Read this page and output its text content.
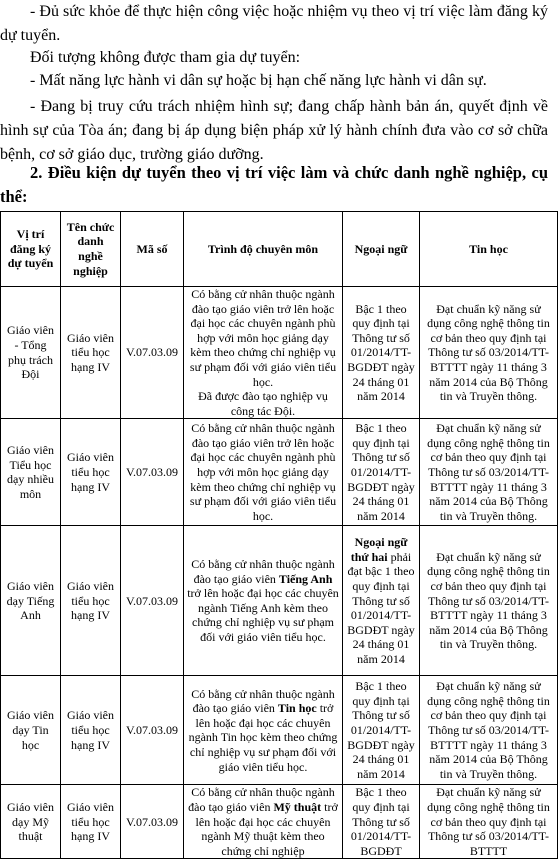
- Đủ sức khỏe để thực hiện công việc hoặc nhiệm vụ theo vị trí việc làm đăng ký dự tuyển.

Đối tượng không được tham gia dự tuyển:

- Mất năng lực hành vi dân sự hoặc bị hạn chế năng lực hành vi dân sự.

- Đang bị truy cứu trách nhiệm hình sự; đang chấp hành bản án, quyết định về hình sự của Tòa án; đang bị áp dụng biện pháp xử lý hành chính đưa vào cơ sở chữa bệnh, cơ sở giáo dục, trường giáo dưỡng.

2. Điều kiện dự tuyển theo vị trí việc làm và chức danh nghề nghiệp, cụ thể:

Vị trí đăng ký dự tuyển	Tên chức danh nghề nghiệp	Mã số	Trình độ chuyên môn	Ngoại ngữ	Tin học
Giáo viên - Tổng phụ trách Đội	Giáo viên tiểu học hạng IV	V.07.03.09	Có bằng cử nhân thuộc ngành đào tạo giáo viên trở lên hoặc đại học các chuyên ngành phù hợp với môn học giảng dạy kèm theo chứng chỉ nghiệp vụ sư phạm đối với giáo viên tiểu học.
Đã được đào tạo nghiệp vụ công tác Đội.	Bậc 1 theo quy định tại Thông tư số 01/2014/TT-BGDĐT ngày 24 tháng 01 năm 2014	Đạt chuẩn kỹ năng sử dụng công nghệ thông tin cơ bản theo quy định tại Thông tư số 03/2014/TT-BTTTT ngày 11 tháng 3 năm 2014 của Bộ Thông tin và Truyền thông.
Giáo viên Tiểu học dạy nhiều môn	Giáo viên tiểu học hạng IV	V.07.03.09	Có bằng cử nhân thuộc ngành đào tạo giáo viên trở lên hoặc đại học các chuyên ngành phù hợp với môn học giảng dạy kèm theo chứng chỉ nghiệp vụ sư phạm đối với giáo viên tiểu học.	Bậc 1 theo quy định tại Thông tư số 01/2014/TT-BGDĐT ngày 24 tháng 01 năm 2014	Đạt chuẩn kỹ năng sử dụng công nghệ thông tin cơ bản theo quy định tại Thông tư số 03/2014/TT-BTTTT ngày 11 tháng 3 năm 2014 của Bộ Thông tin và Truyền thông.
Giáo viên dạy Tiếng Anh	Giáo viên tiểu học hạng IV	V.07.03.09	Có bằng cử nhân thuộc ngành đào tạo giáo viên Tiếng Anh trở lên hoặc đại học các chuyên ngành Tiếng Anh kèm theo chứng chỉ nghiệp vụ sư phạm đối với giáo viên tiểu học.	Ngoại ngữ thứ hai phải đạt bậc 1 theo quy định tại Thông tư số 01/2014/TT-BGDĐT ngày 24 tháng 01 năm 2014	Đạt chuẩn kỹ năng sử dụng công nghệ thông tin cơ bản theo quy định tại Thông tư số 03/2014/TT-BTTTT ngày 11 tháng 3 năm 2014 của Bộ Thông tin và Truyền thông.
Giáo viên dạy Tin học	Giáo viên tiểu học hạng IV	V.07.03.09	Có bằng cử nhân thuộc ngành đào tạo giáo viên Tin học trở lên hoặc đại học các chuyên ngành Tin học kèm theo chứng chỉ nghiệp vụ sư phạm đối với giáo viên tiểu học.	Bậc 1 theo quy định tại Thông tư số 01/2014/TT-BGDĐT ngày 24 tháng 01 năm 2014	Đạt chuẩn kỹ năng sử dụng công nghệ thông tin cơ bản theo quy định tại Thông tư số 03/2014/TT-BTTTT ngày 11 tháng 3 năm 2014 của Bộ Thông tin và Truyền thông.
Giáo viên dạy Mỹ thuật	Giáo viên tiểu học hạng IV	V.07.03.09	Có bằng cử nhân thuộc ngành đào tạo giáo viên Mỹ thuật trở lên hoặc đại học các chuyên ngành Mỹ thuật kèm theo chứng chỉ nghiệp	Bậc 1 theo quy định tại Thông tư số 01/2014/TT-BGDĐT	Đạt chuẩn kỹ năng sử dụng công nghệ thông tin cơ bản theo quy định tại Thông tư số 03/2014/TT-BTTTT
